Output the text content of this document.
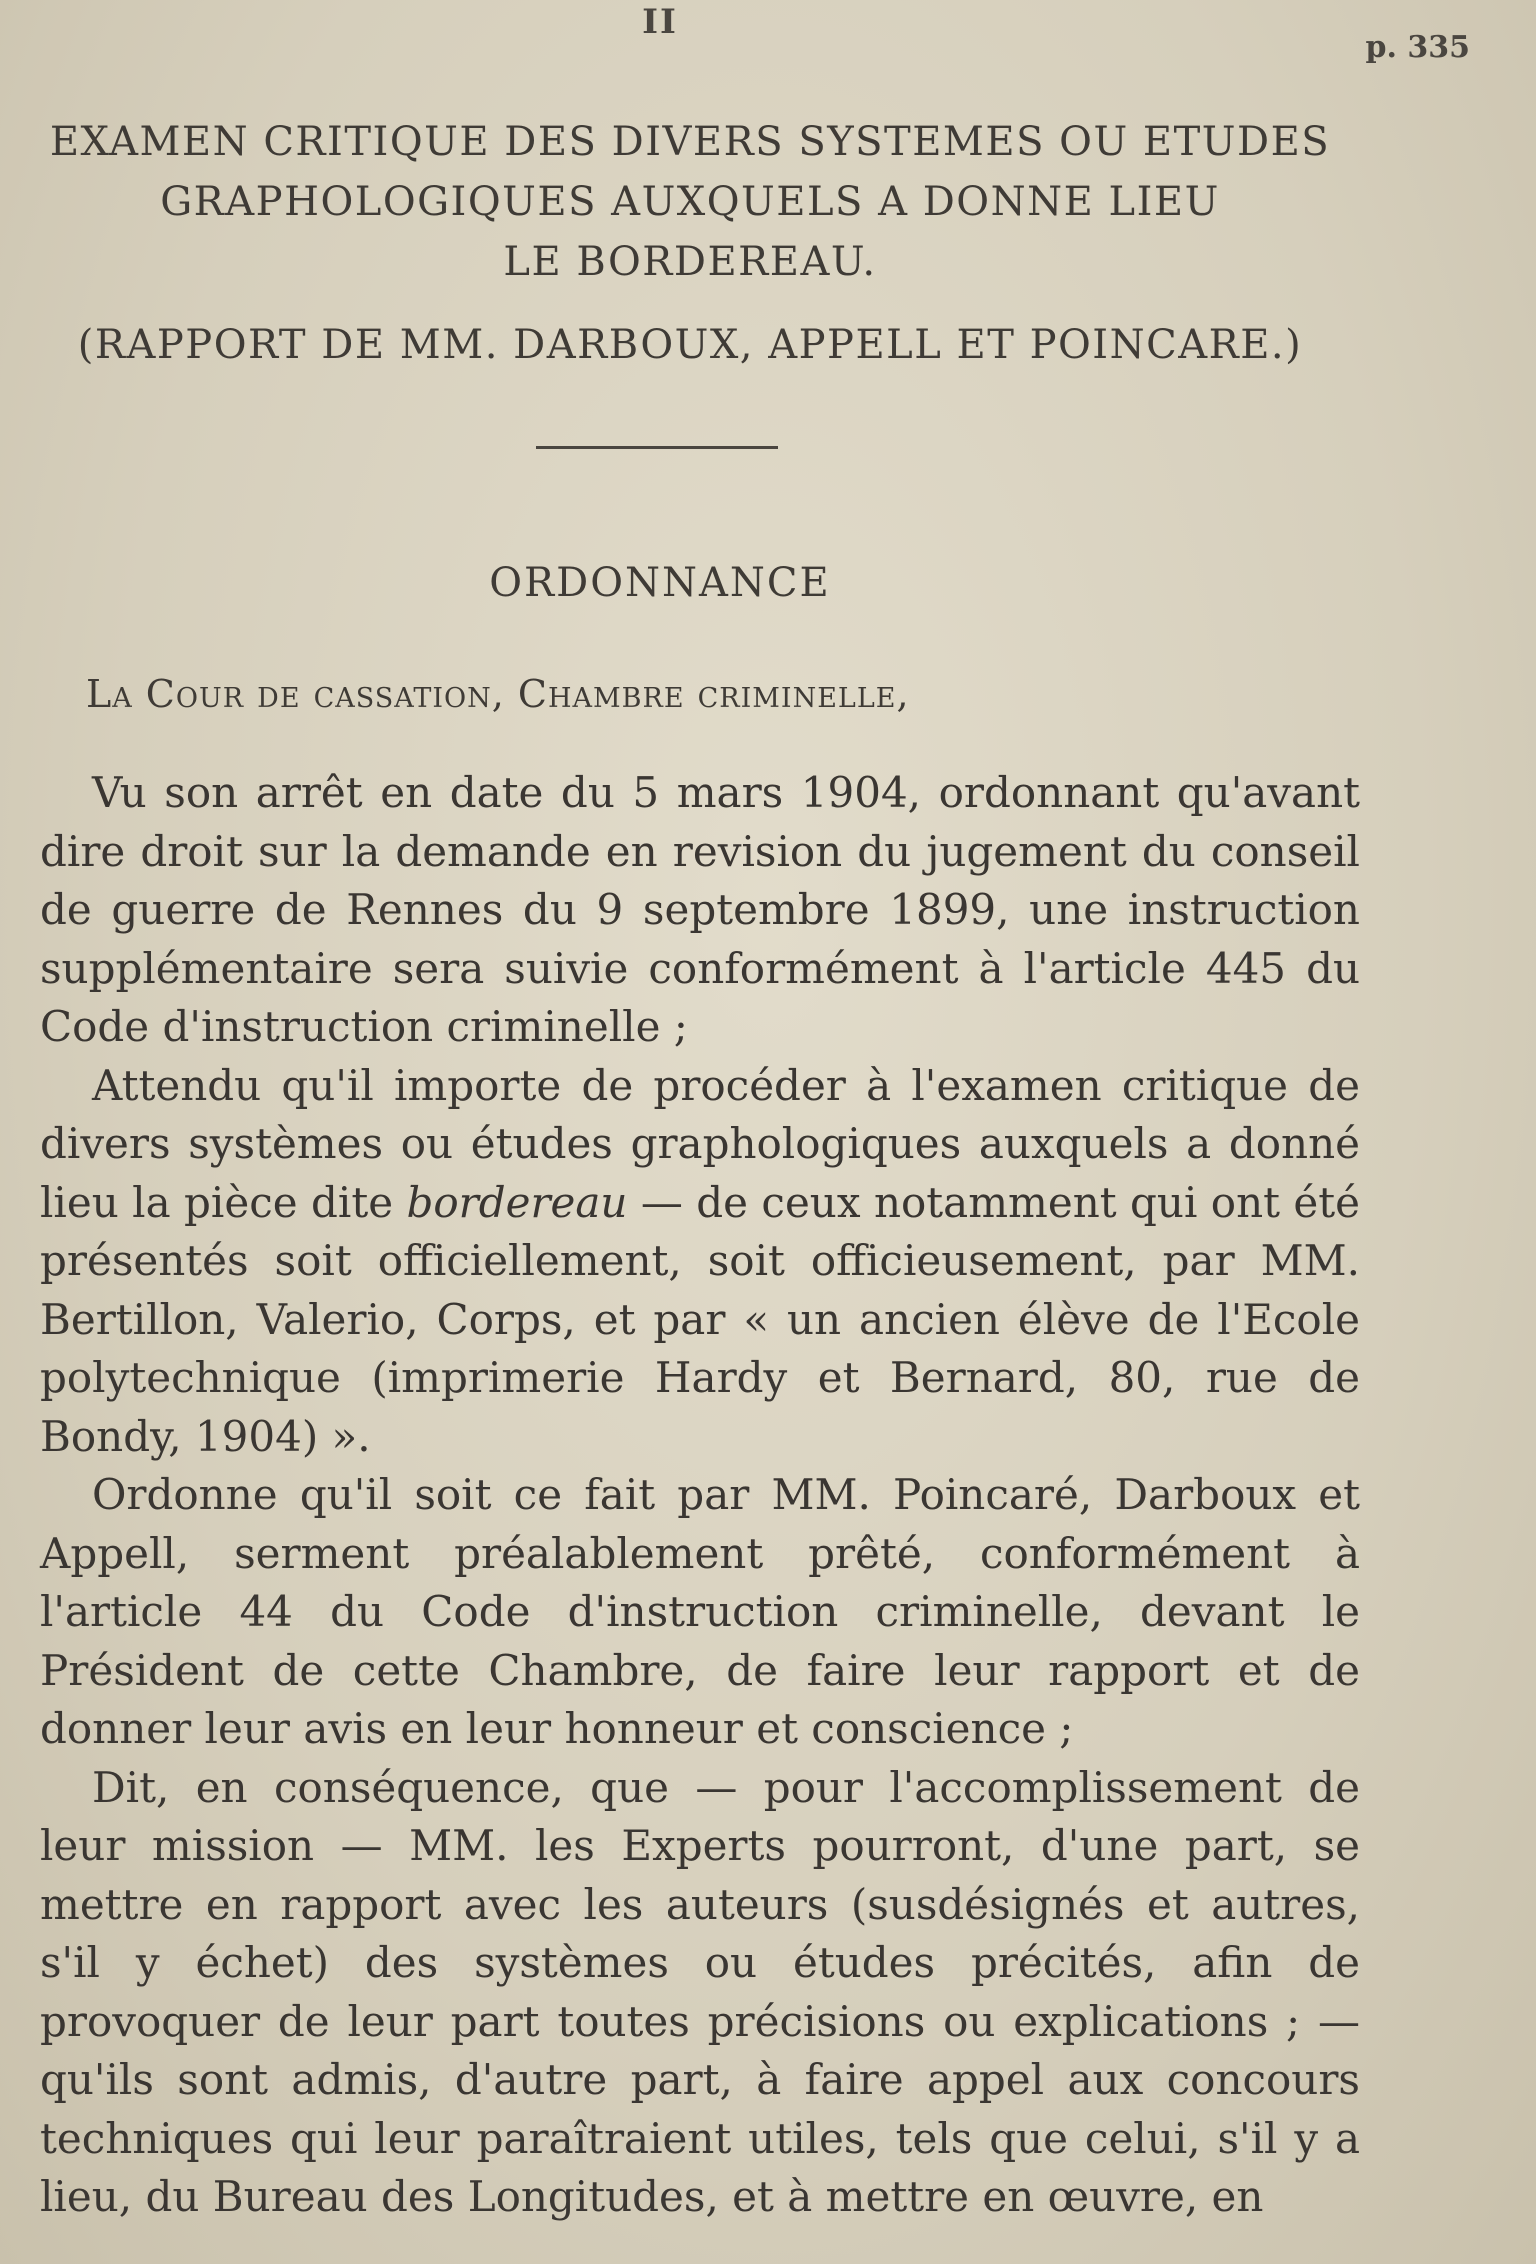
II
p. 335
EXAMEN CRITIQUE DES DIVERS SYSTEMES OU ETUDES
GRAPHOLOGIQUES AUXQUELS A DONNE LIEU
LE BORDEREAU.
(RAPPORT DE MM. DARBOUX, APPELL ET POINCARE.)
ORDONNANCE
La Cour de cassation, Chambre criminelle,

Vu son arrêt en date du 5 mars 1904, ordonnant qu'avant dire droit sur la demande en revision du jugement du conseil de guerre de Rennes du 9 septembre 1899, une instruction supplémentaire sera suivie conformément à l'article 445 du Code d'instruction criminelle ;

Attendu qu'il importe de procéder à l'examen critique de divers systèmes ou études graphologiques auxquels a donné lieu la pièce dite bordereau — de ceux notamment qui ont été présentés soit officiellement, soit officieusement, par MM. Bertillon, Valerio, Corps, et par « un ancien élève de l'Ecole polytechnique (imprimerie Hardy et Bernard, 80, rue de Bondy, 1904) ».

Ordonne qu'il soit ce fait par MM. Poincaré, Darboux et Appell, serment préalablement prêté, conformément à l'article 44 du Code d'instruction criminelle, devant le Président de cette Chambre, de faire leur rapport et de donner leur avis en leur honneur et conscience ;

Dit, en conséquence, que — pour l'accomplissement de leur mission — MM. les Experts pourront, d'une part, se mettre en rapport avec les auteurs (susdésignés et autres, s'il y échet) des systèmes ou études précités, afin de provoquer de leur part toutes précisions ou explications ; — qu'ils sont admis, d'autre part, à faire appel aux concours techniques qui leur paraîtraient utiles, tels que celui, s'il y a lieu, du Bureau des Longitudes, et à mettre en œuvre, en
